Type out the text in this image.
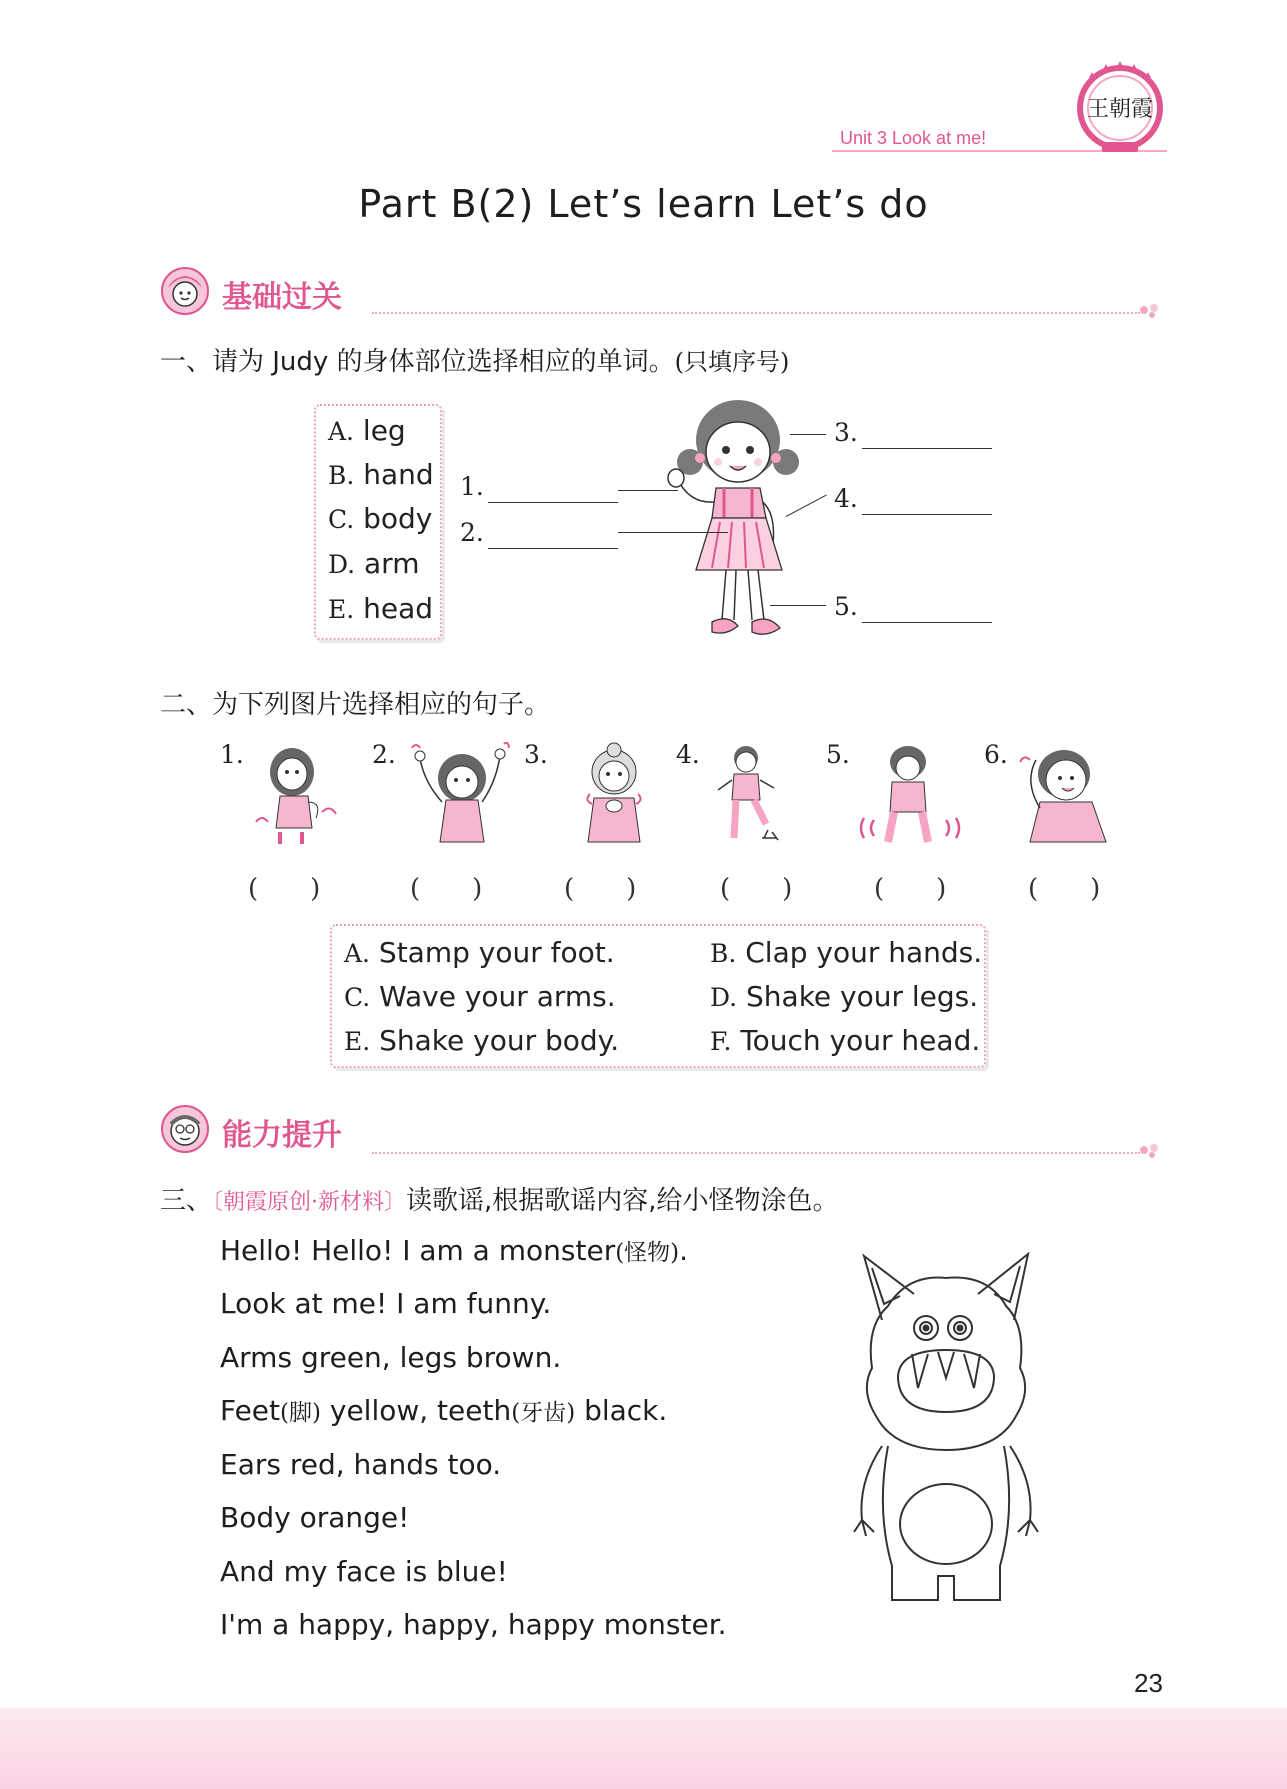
Unit 3 Look at me!
王朝霞
Part B(2) Let’s learn Let’s do
基础过关
一、请为 Judy 的身体部位选择相应的单词。(只填序号)
A. leg
B. hand
C. body
D. arm
E. head
1.
2.
3.
4.
5.
二、为下列图片选择相应的句子。
1.	2.	3.	4.	5.	6.
(　　)	(　　)	(　　)	(　　)	(　　)	(　　)
A. Stamp your foot.	B. Clap your hands.
C. Wave your arms.	D. Shake your legs.
E. Shake your body.	F. Touch your head.
能力提升
三、〔朝霞原创·新材料〕读歌谣,根据歌谣内容,给小怪物涂色。
Hello! Hello! I am a monster(怪物).
Look at me! I am funny.
Arms green, legs brown.
Feet(脚) yellow, teeth(牙齿) black.
Ears red, hands too.
Body orange!
And my face is blue!
I'm a happy, happy, happy monster.
23
